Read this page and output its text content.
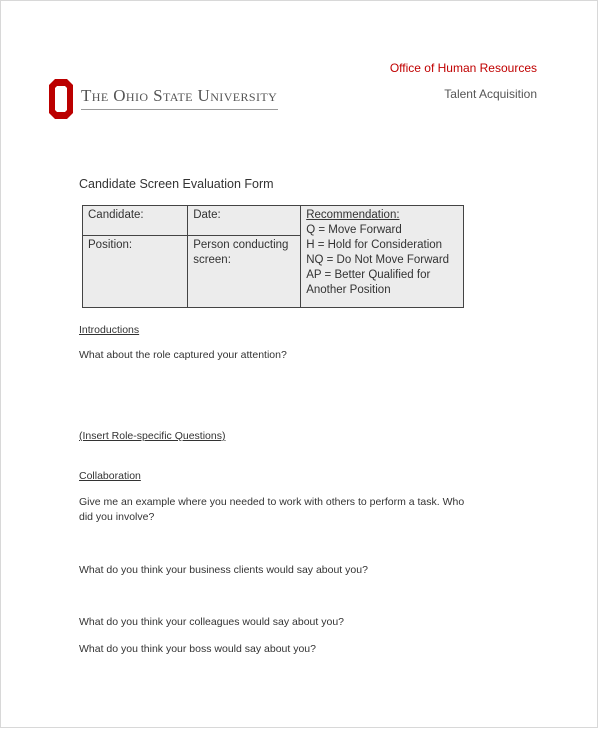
Office of Human Resources
Talent Acquisition
The Ohio State University
Candidate Screen Evaluation Form
Candidate:	Date:	Recommendation:
Q = Move Forward
H = Hold for Consideration
NQ = Do Not Move Forward
AP = Better Qualified for Another Position

Position:	Person conducting screen:	
Introductions
What about the role captured your attention?
(Insert Role-specific Questions)
Collaboration
Give me an example where you needed to work with others to perform a task. Who did you involve?
What do you think your business clients would say about you?
What do you think your colleagues would say about you?
What do you think your boss would say about you?
